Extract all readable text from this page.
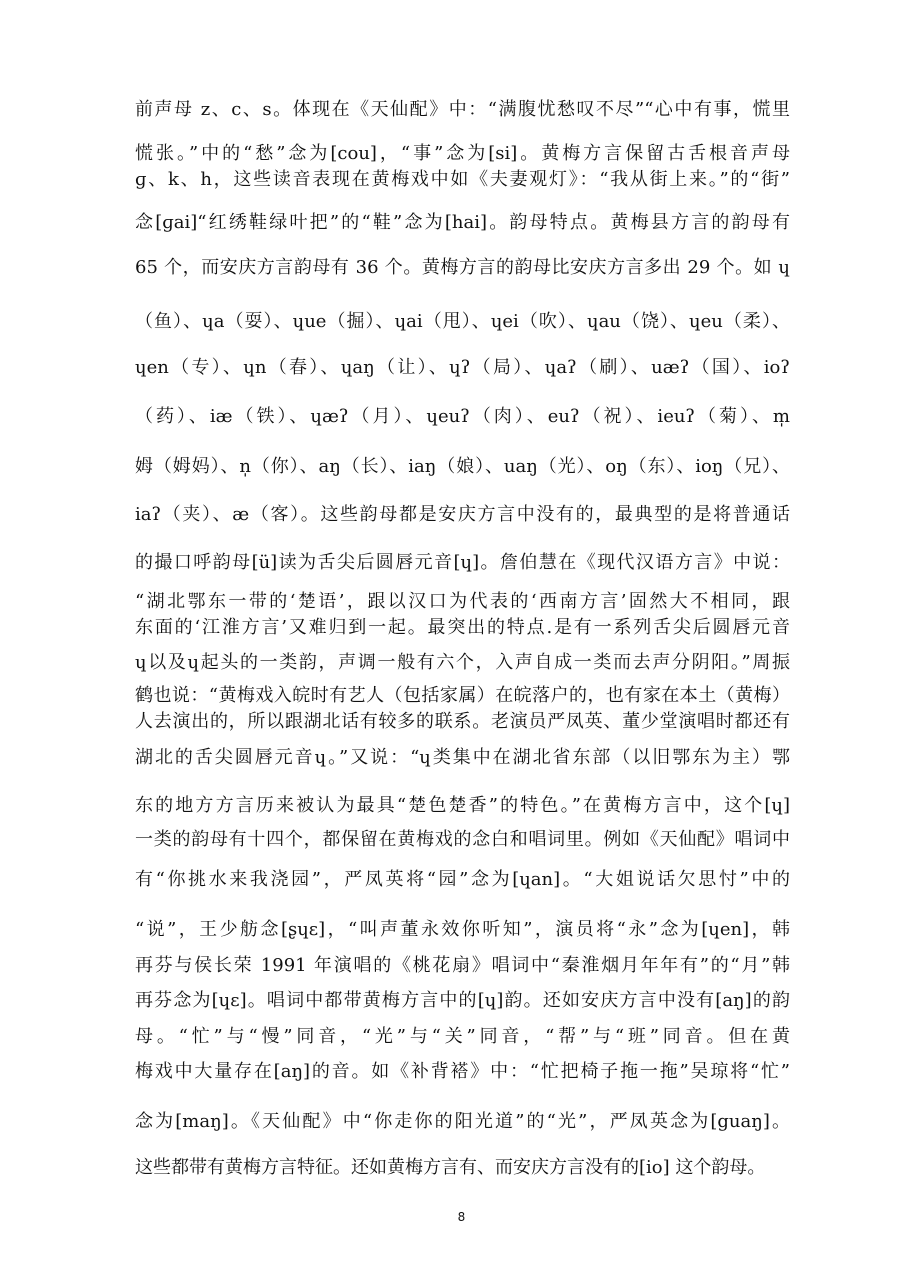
前声母 z、c、s。体现在《天仙配》中：“满腹忧愁叹不尽”“心中有事，慌里
慌张。”中的“愁”念为[cou]，“事”念为[si]。黄梅方言保留古舌根音声母
ɡ、k、h，这些读音表现在黄梅戏中如《夫妻观灯》：“我从街上来。”的“街”
念[ɡai]“红绣鞋绿叶把”的“鞋”念为[hai]。韵母特点。黄梅县方言的韵母有
65 个，而安庆方言韵母有 36 个。黄梅方言的韵母比安庆方言多出 29 个。如 ɥ
（鱼）、ɥa（耍）、ɥue（掘）、ɥai（甩）、ɥei（吹）、ɥau（饶）、ɥeu（柔）、
ɥen（专）、ɥn（春）、ɥaŋ（让）、ɥʔ（局）、ɥaʔ（刷）、uæʔ（国）、ioʔ
（药）、iæ（铁）、ɥæʔ（月）、ɥeuʔ（肉）、euʔ（祝）、ieuʔ（菊）、m̩
姆（姆妈）、n̩（你）、aŋ（长）、iaŋ（娘）、uaŋ（光）、oŋ（东）、ioŋ（兄）、
iaʔ（夹）、æ（客）。这些韵母都是安庆方言中没有的，最典型的是将普通话
的撮口呼韵母[ü]读为舌尖后圆唇元音[ɥ]。詹伯慧在《现代汉语方言》中说：
“湖北鄂东一带的‘楚语’，跟以汉口为代表的‘西南方言’固然大不相同，跟
东面的‘江淮方言’又难归到一起。最突出的特点.是有一系列舌尖后圆唇元音
ɥ以及ɥ起头的一类韵，声调一般有六个，入声自成一类而去声分阴阳。”周振
鹤也说：“黄梅戏入皖时有艺人（包括家属）在皖落户的，也有家在本土（黄梅）
人去演出的，所以跟湖北话有较多的联系。老演员严凤英、董少堂演唱时都还有
湖北的舌尖圆唇元音ɥ。”又说：“ɥ类集中在湖北省东部（以旧鄂东为主）鄂
东的地方方言历来被认为最具“楚色楚香”的特色。”在黄梅方言中，这个[ɥ]
一类的韵母有十四个，都保留在黄梅戏的念白和唱词里。例如《天仙配》唱词中
有“你挑水来我浇园”，严凤英将“园”念为[ɥan]。“大姐说话欠思忖”中的
“说”，王少舫念[ʂɥɛ]，“叫声董永效你听知”，演员将“永”念为[ɥen]，韩
再芬与侯长荣 1991 年演唱的《桃花扇》唱词中“秦淮烟月年年有”的“月”韩
再芬念为[ɥɛ]。唱词中都带黄梅方言中的[ɥ]韵。还如安庆方言中没有[aŋ]的韵
母。“忙”与“慢”同音，“光”与“关”同音，“帮”与“班”同音。但在黄
梅戏中大量存在[aŋ]的音。如《补背褡》中：“忙把椅子拖一拖”吴琼将“忙”
念为[maŋ]。《天仙配》中“你走你的阳光道”的“光”，严凤英念为[guaŋ]。
这些都带有黄梅方言特征。还如黄梅方言有、而安庆方言没有的[io] 这个韵母。
8
